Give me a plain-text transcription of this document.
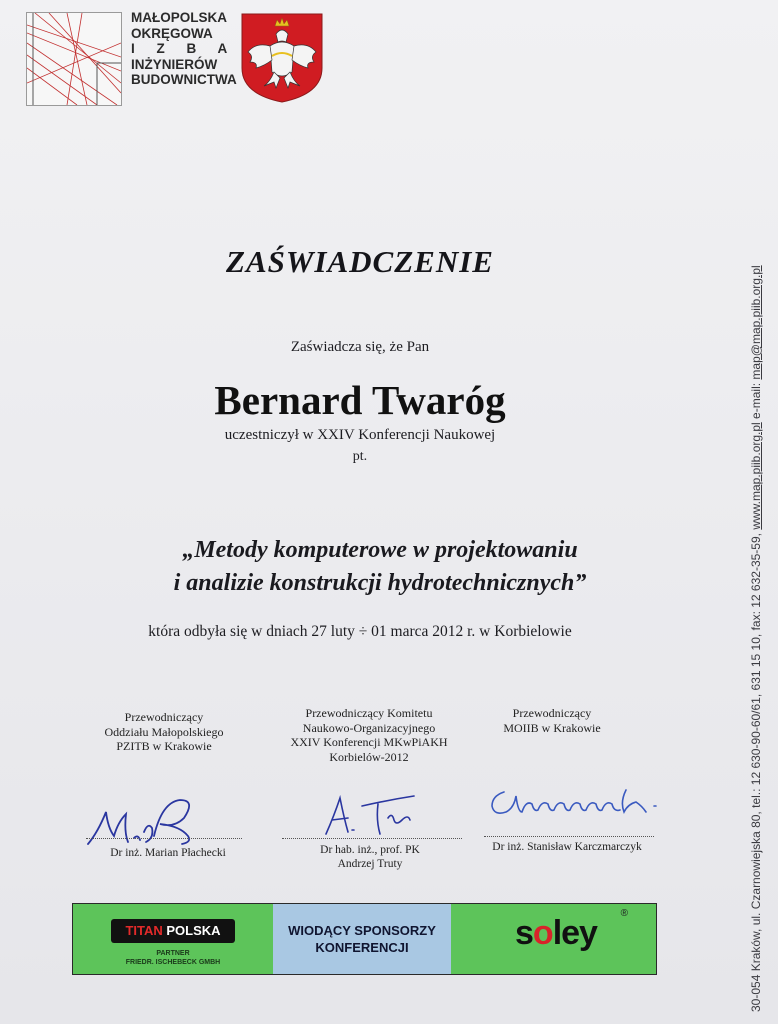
MAŁOPOLSKA
OKRĘGOWA
I Z B A
INŻYNIERÓW
BUDOWNICTWA
ZAŚWIADCZENIE
Zaświadcza się, że Pan
Bernard Twaróg
uczestniczył w XXIV Konferencji Naukowej
pt.
„Metody komputerowe w projektowaniu
i analizie konstrukcji hydrotechnicznych”
która odbyła się w dniach 27 luty ÷ 01 marca 2012 r. w Korbielowie
Przewodniczący
Oddziału Małopolskiego
PZITB w Krakowie
Przewodniczący Komitetu
Naukowo-Organizacyjnego
XXIV Konferencji MKwPiAKH
Korbielów-2012
Przewodniczący
MOIIB w Krakowie
Dr inż. Marian Płachecki	Dr hab. inż., prof. PK
Andrzej Truty
Dr inż. Stanisław Karczmarczyk
TITAN POLSKA
PARTNER
FRIEDR. ISCHEBECK GMBH
WIODĄCY SPONSORZY
KONFERENCJI	soley
®	30-054 Kraków, ul. Czarnowiejska 80, tel.: 12 630-90-60/61, 631 15 10, fax: 12 632-35-59, www.map.piib.org.pl e-mail: map@map.piib.org.pl
